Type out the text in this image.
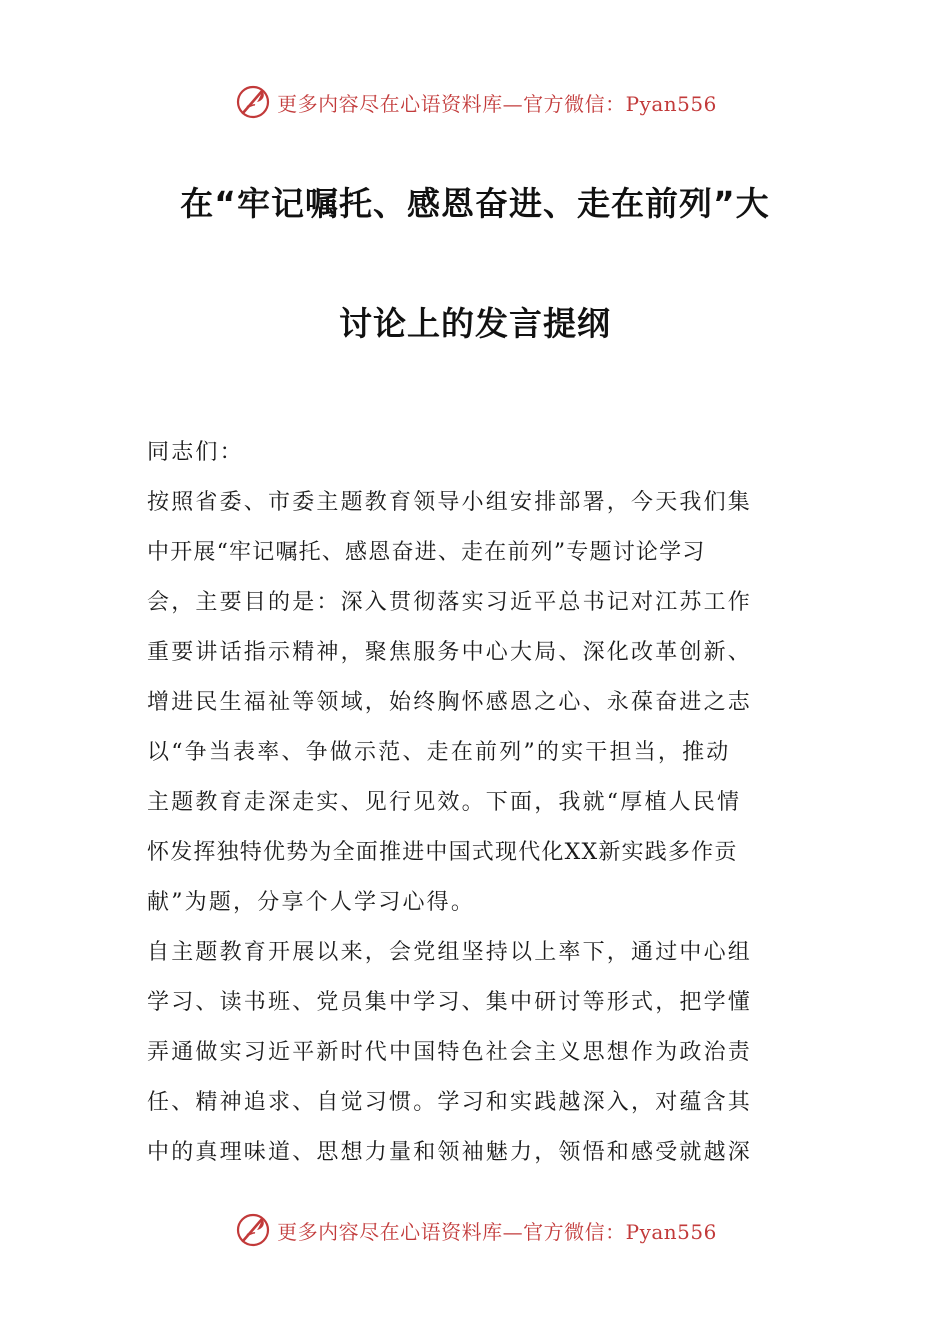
更多内容尽在心语资料库—官方微信：Pyan556
在“牢记嘱托、感恩奋进、走在前列”大
讨论上的发言提纲
同志们：
按照省委、市委主题教育领导小组安排部署，今天我们集
中开展“牢记嘱托、感恩奋进、走在前列”专题讨论学习
会，主要目的是：深入贯彻落实习近平总书记对江苏工作
重要讲话指示精神，聚焦服务中心大局、深化改革创新、
增进民生福祉等领域，始终胸怀感恩之心、永葆奋进之志
以“争当表率、争做示范、走在前列”的实干担当，推动
主题教育走深走实、见行见效。下面，我就“厚植人民情
怀发挥独特优势为全面推进中国式现代化XX新实践多作贡
献”为题，分享个人学习心得。
自主题教育开展以来，会党组坚持以上率下，通过中心组
学习、读书班、党员集中学习、集中研讨等形式，把学懂
弄通做实习近平新时代中国特色社会主义思想作为政治责
任、精神追求、自觉习惯。学习和实践越深入，对蕴含其
中的真理味道、思想力量和领袖魅力，领悟和感受就越深
更多内容尽在心语资料库—官方微信：Pyan556
